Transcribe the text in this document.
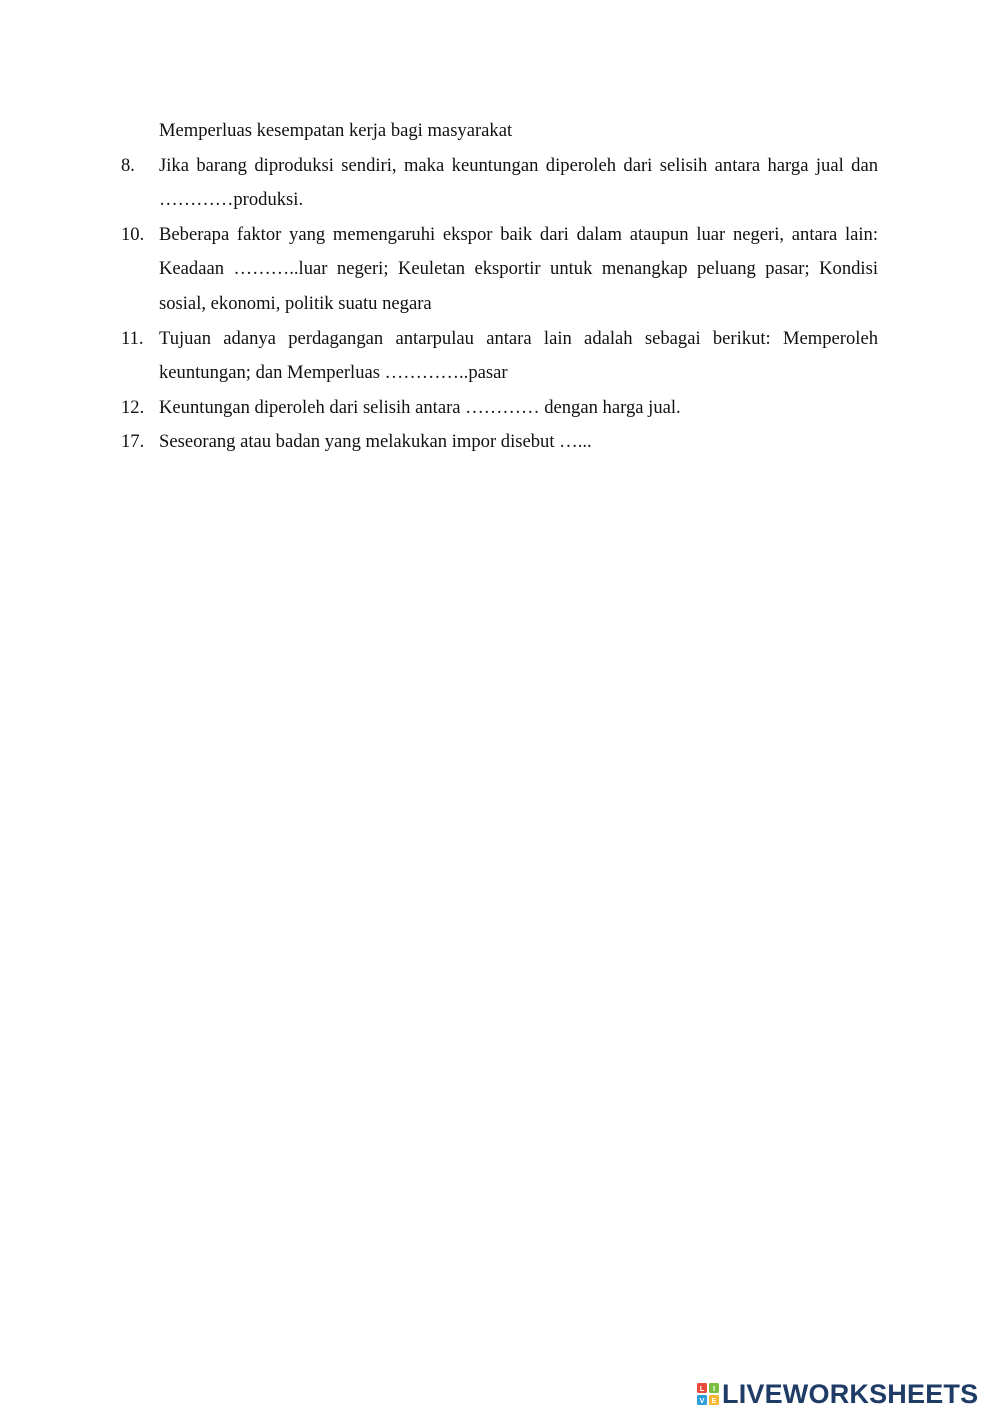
Memperluas kesempatan kerja bagi masyarakat
8.	Jika barang diproduksi sendiri, maka keuntungan diperoleh dari selisih antara harga jual dan …………produksi.
10. Beberapa faktor yang memengaruhi ekspor baik dari dalam ataupun luar negeri, antara lain: Keadaan ………..luar negeri; Keuletan eksportir untuk menangkap peluang pasar; Kondisi sosial, ekonomi, politik suatu negara
11. Tujuan adanya perdagangan antarpulau antara lain adalah sebagai berikut: Memperoleh keuntungan; dan Memperluas …………..pasar
12. Keuntungan diperoleh dari selisih antara ………… dengan harga jual.
17. Seseorang atau badan yang melakukan impor disebut …...
L I
V E LIVEWORKSHEETS
